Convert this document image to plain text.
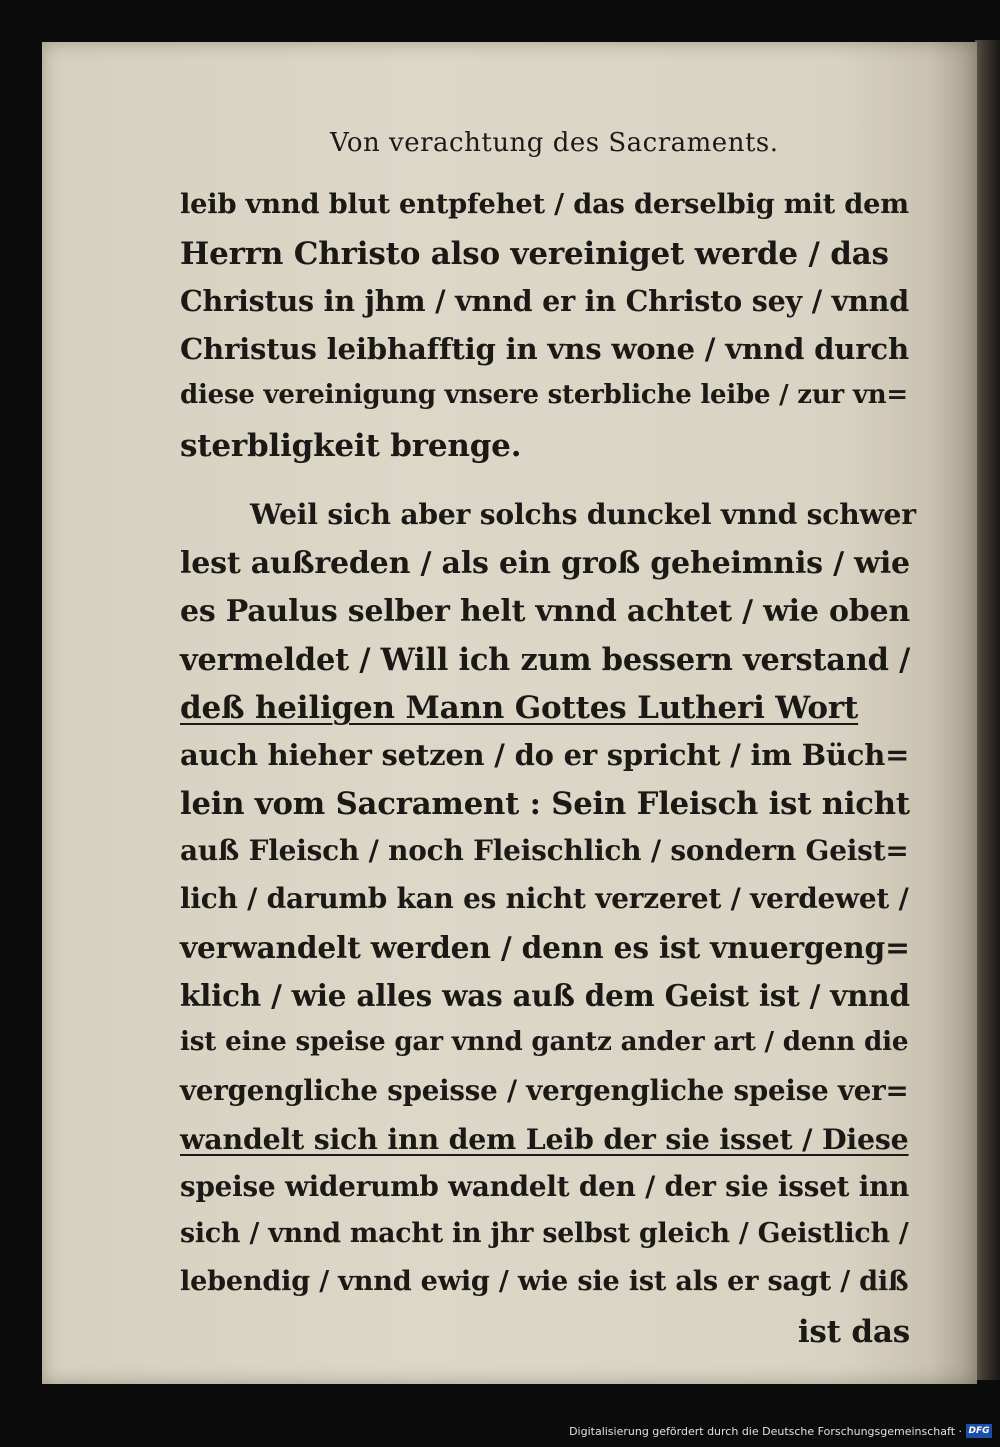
Von verachtung des Sacraments.
leib vnnd blut entpfehet / das derselbig mit dem
Herrn Christo also vereiniget werde / das
Christus in jhm / vnnd er in Christo sey / vnnd
Christus leibhafftig in vns wone / vnnd durch
diese vereinigung vnsere sterbliche leibe / zur vn=
sterbligkeit brenge.
Weil sich aber solchs dunckel vnnd schwer
lest außreden / als ein groß geheimnis / wie
es Paulus selber helt vnnd achtet / wie oben
vermeldet / Will ich zum bessern verstand /
deß heiligen Mann Gottes Lutheri Wort
auch hieher setzen / do er spricht / im Büch=
lein vom Sacrament : Sein Fleisch ist nicht
auß Fleisch / noch Fleischlich / sondern Geist=
lich / darumb kan es nicht verzeret / verdewet /
verwandelt werden / denn es ist vnuergeng=
klich / wie alles was auß dem Geist ist / vnnd
ist eine speise gar vnnd gantz ander art / denn die
vergengliche speisse / vergengliche speise ver=
wandelt sich inn dem Leib der sie isset / Diese
speise widerumb wandelt den / der sie isset inn
sich / vnnd macht in jhr selbst gleich / Geistlich /
Digitalisierung gefördert durch die Deutsche Forschungsgemeinschaft · DFG
lebendig / vnnd ewig / wie sie ist als er sagt / diß
ist das
